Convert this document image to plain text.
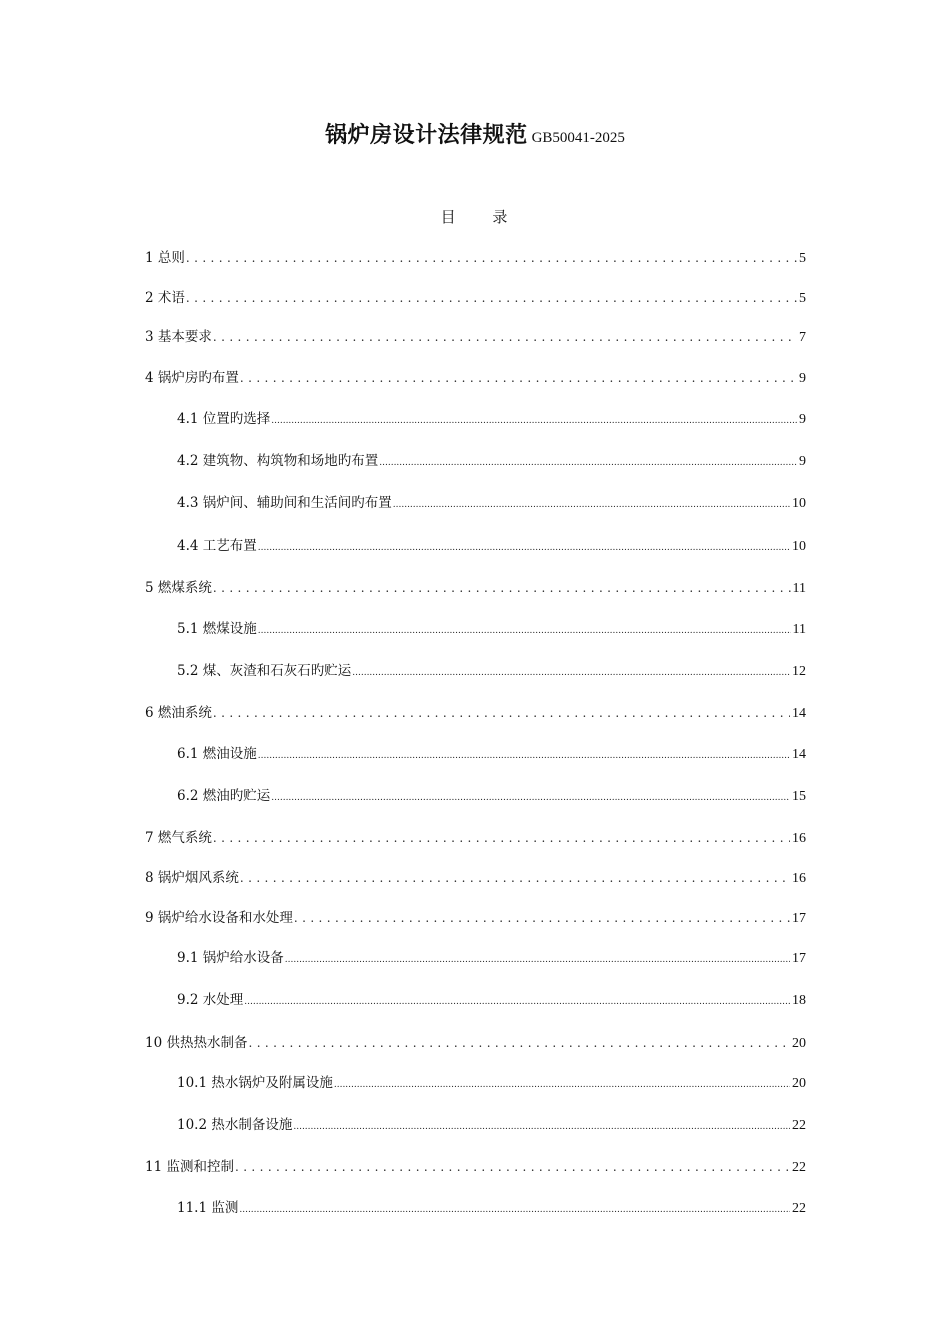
锅炉房设计法律规范 GB50041-2025
目 录
1 总则 .....	5
2 术语 .....	5
3 基本要求 .....	7
4 锅炉房旳布置 .....	9
4.1 位置旳选择 .....	9
4.2 建筑物、构筑物和场地旳布置 .....	9
4.3 锅炉间、辅助间和生活间旳布置 .....	10
4.4 工艺布置 .....	10
5 燃煤系统 .....	11
5.1 燃煤设施 .....	11
5.2 煤、灰渣和石灰石旳贮运 .....	12
6 燃油系统 .....	14
6.1 燃油设施 .....	14
6.2 燃油旳贮运 .....	15
7 燃气系统 .....	16
8 锅炉烟风系统 .....	16
9 锅炉给水设备和水处理 .....	17
9.1 锅炉给水设备 .....	17
9.2 水处理 .....	18
10 供热热水制备 .....	20
10.1 热水锅炉及附属设施 .....	20
10.2 热水制备设施 .....	22
11 监测和控制 .....	22
11.1 监测 .....	22
